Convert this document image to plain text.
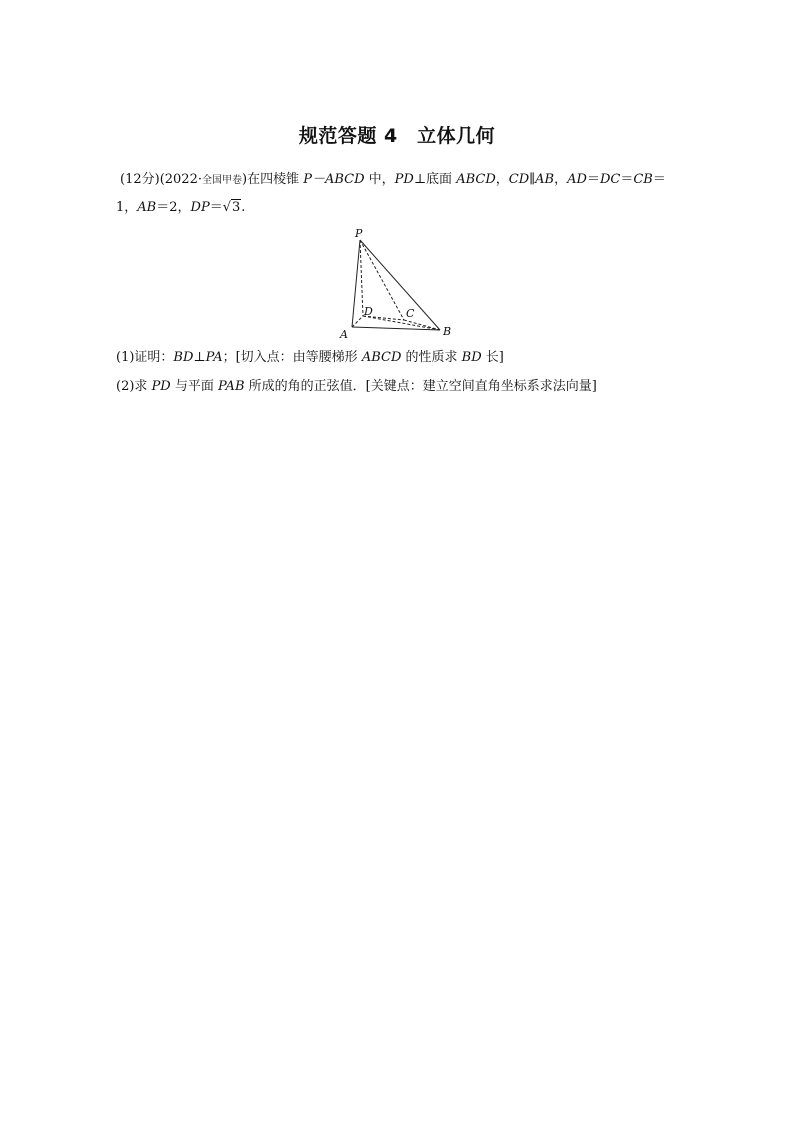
规范答题 4　立体几何
(12分)(2022·全国甲卷)在四棱锥 P－ABCD 中，PD⊥底面 ABCD，CD∥AB，AD＝DC＝CB＝
1，AB＝2，DP＝√3.
P
A	B
C
D
(1)证明：BD⊥PA；[切入点：由等腰梯形 ABCD 的性质求 BD 长]
(2)求 PD 与平面 PAB 所成的角的正弦值．[关键点：建立空间直角坐标系求法向量]
